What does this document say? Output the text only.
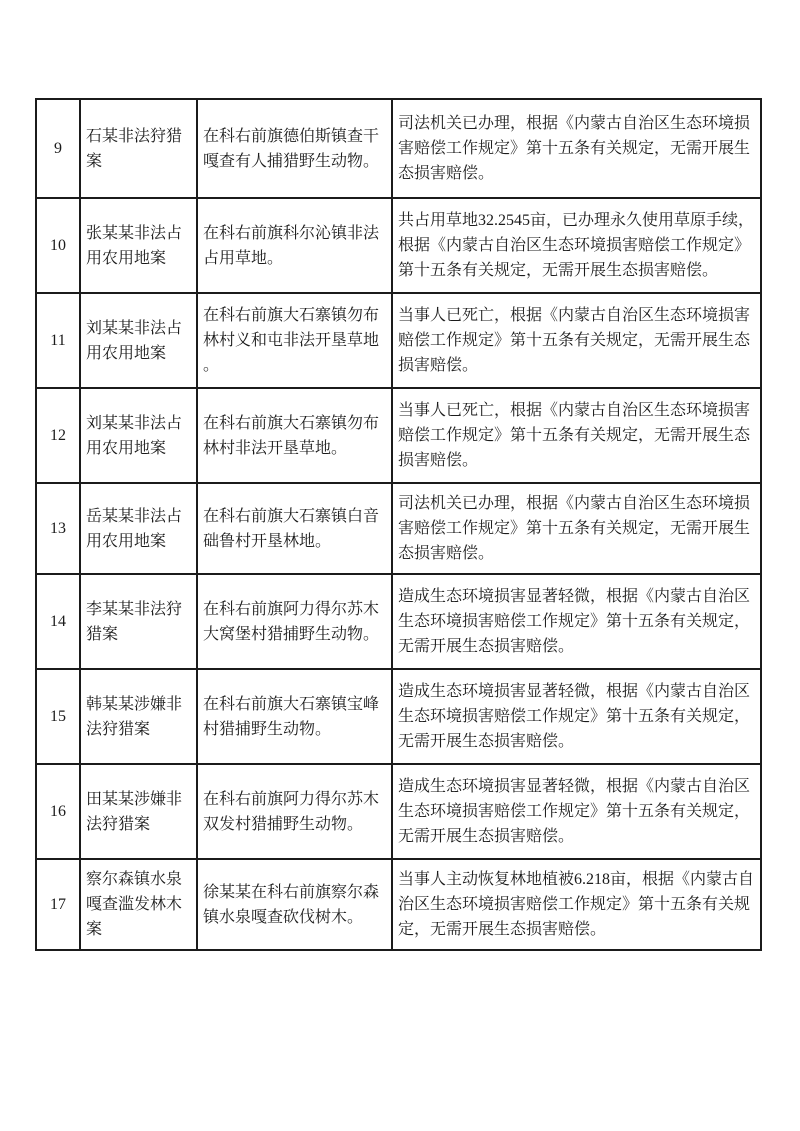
9	石某非法狩猎案	在科右前旗德伯斯镇查干嘎查有人捕猎野生动物。	司法机关已办理，根据《内蒙古自治区生态环境损害赔偿工作规定》第十五条有关规定，无需开展生态损害赔偿。
10	张某某非法占用农用地案	在科右前旗科尔沁镇非法占用草地。	共占用草地32.2545亩，已办理永久使用草原手续，根据《内蒙古自治区生态环境损害赔偿工作规定》第十五条有关规定，无需开展生态损害赔偿。
11	刘某某非法占用农用地案	在科右前旗大石寨镇勿布林村义和屯非法开垦草地。	当事人已死亡，根据《内蒙古自治区生态环境损害赔偿工作规定》第十五条有关规定，无需开展生态损害赔偿。
12	刘某某非法占用农用地案	在科右前旗大石寨镇勿布林村非法开垦草地。	当事人已死亡，根据《内蒙古自治区生态环境损害赔偿工作规定》第十五条有关规定，无需开展生态损害赔偿。
13	岳某某非法占用农用地案	在科右前旗大石寨镇白音础鲁村开垦林地。	司法机关已办理，根据《内蒙古自治区生态环境损害赔偿工作规定》第十五条有关规定，无需开展生态损害赔偿。
14	李某某非法狩猎案	在科右前旗阿力得尔苏木大窝堡村猎捕野生动物。	造成生态环境损害显著轻微，根据《内蒙古自治区生态环境损害赔偿工作规定》第十五条有关规定，无需开展生态损害赔偿。
15	韩某某涉嫌非法狩猎案	在科右前旗大石寨镇宝峰村猎捕野生动物。	造成生态环境损害显著轻微，根据《内蒙古自治区生态环境损害赔偿工作规定》第十五条有关规定，无需开展生态损害赔偿。
16	田某某涉嫌非法狩猎案	在科右前旗阿力得尔苏木双发村猎捕野生动物。	造成生态环境损害显著轻微，根据《内蒙古自治区生态环境损害赔偿工作规定》第十五条有关规定，无需开展生态损害赔偿。
17	察尔森镇水泉嘎查滥发林木案	徐某某在科右前旗察尔森镇水泉嘎查砍伐树木。	当事人主动恢复林地植被6.218亩，根据《内蒙古自治区生态环境损害赔偿工作规定》第十五条有关规定，无需开展生态损害赔偿。
